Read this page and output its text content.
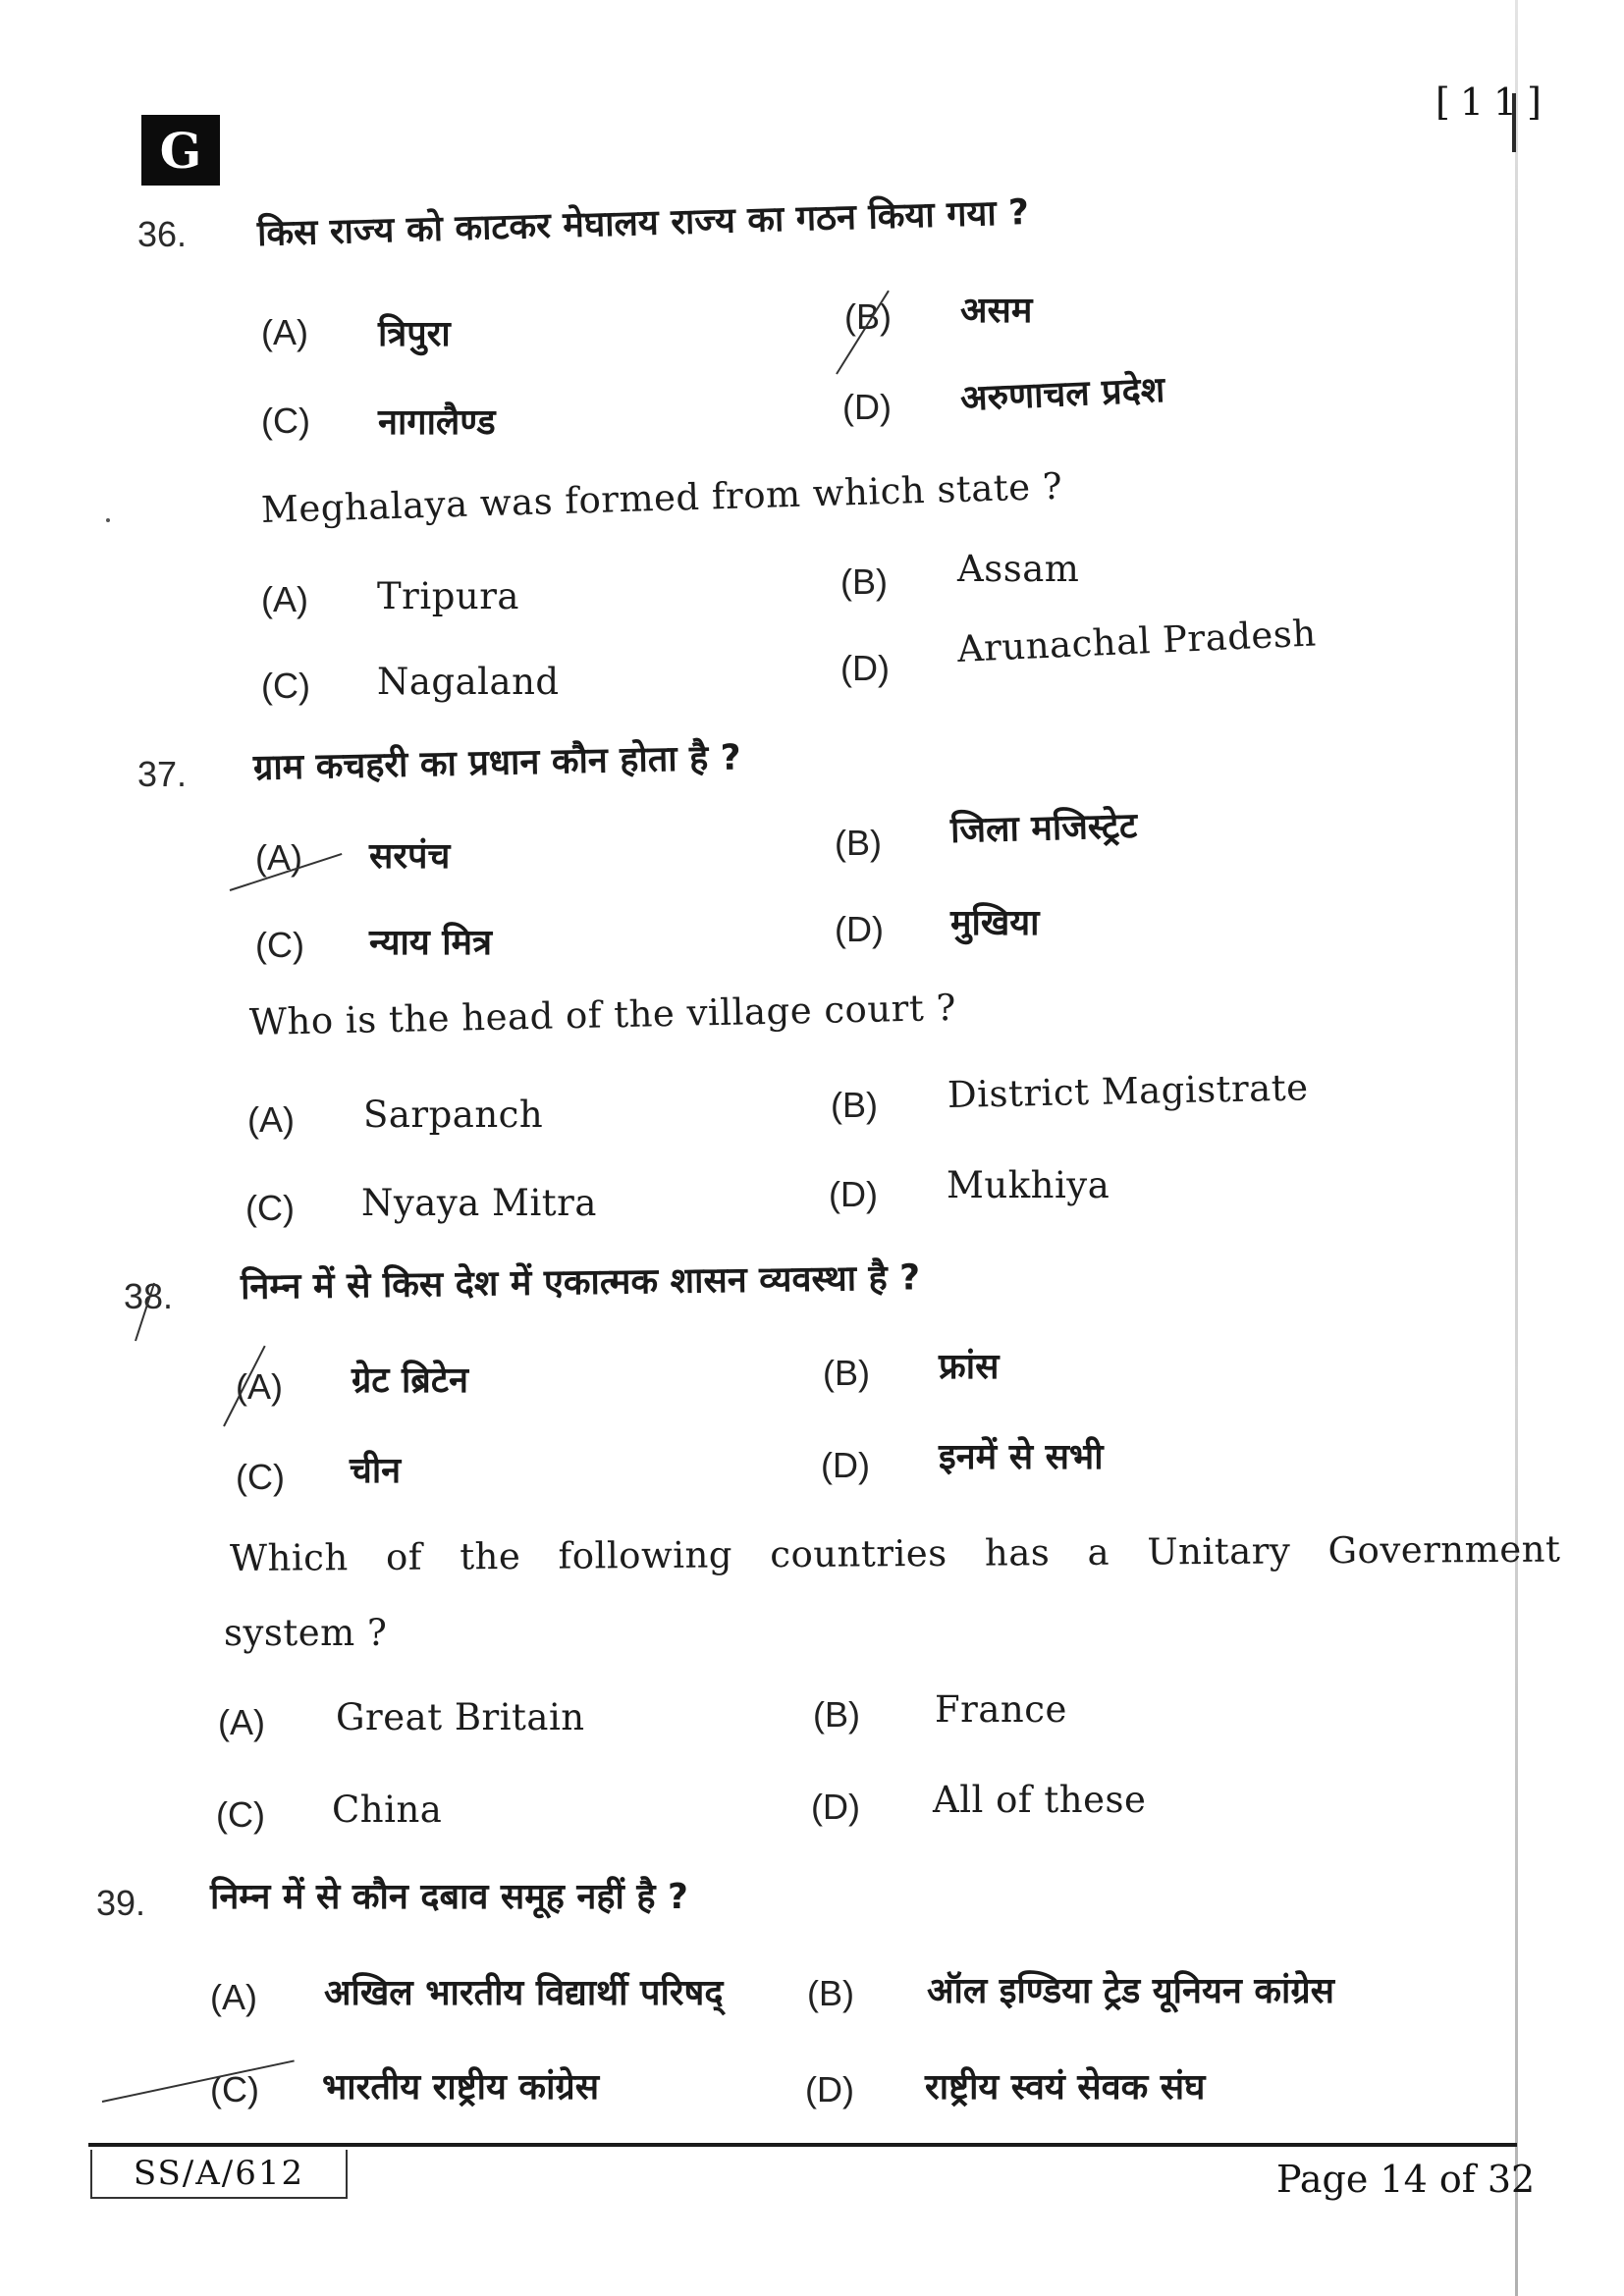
G
[11]
36. किस राज्य को काटकर मेघालय राज्य का गठन किया गया ?
(A) त्रिपुरा	(B) असम
(C) नागालैण्ड	(D) अरुणाचल प्रदेश
Meghalaya was formed from which state ?
(A) Tripura	(B) Assam
(C) Nagaland	(D) Arunachal Pradesh
37. ग्राम कचहरी का प्रधान कौन होता है ?
(A) सरपंच	(B) जिला मजिस्ट्रेट
(C) न्याय मित्र	(D) मुखिया
Who is the head of the village court ?
(A) Sarpanch	(B) District Magistrate
(C) Nyaya Mitra	(D) Mukhiya
38. निम्न में से किस देश में एकात्मक शासन व्यवस्था है ?
(A) ग्रेट ब्रिटेन	(B) फ्रांस
(C) चीन	(D) इनमें से सभी
Which of the following countries has a Unitary Government
system ?
(A) Great Britain	(B) France
(C) China	(D) All of these
39. निम्न में से कौन दबाव समूह नहीं है ?
(A) अखिल भारतीय विद्यार्थी परिषद् (B) ऑल इण्डिया ट्रेड यूनियन कांग्रेस
(C) भारतीय राष्ट्रीय कांग्रेस	(D) राष्ट्रीय स्वयं सेवक संघ
SS/A/612	Page 14 of 32
